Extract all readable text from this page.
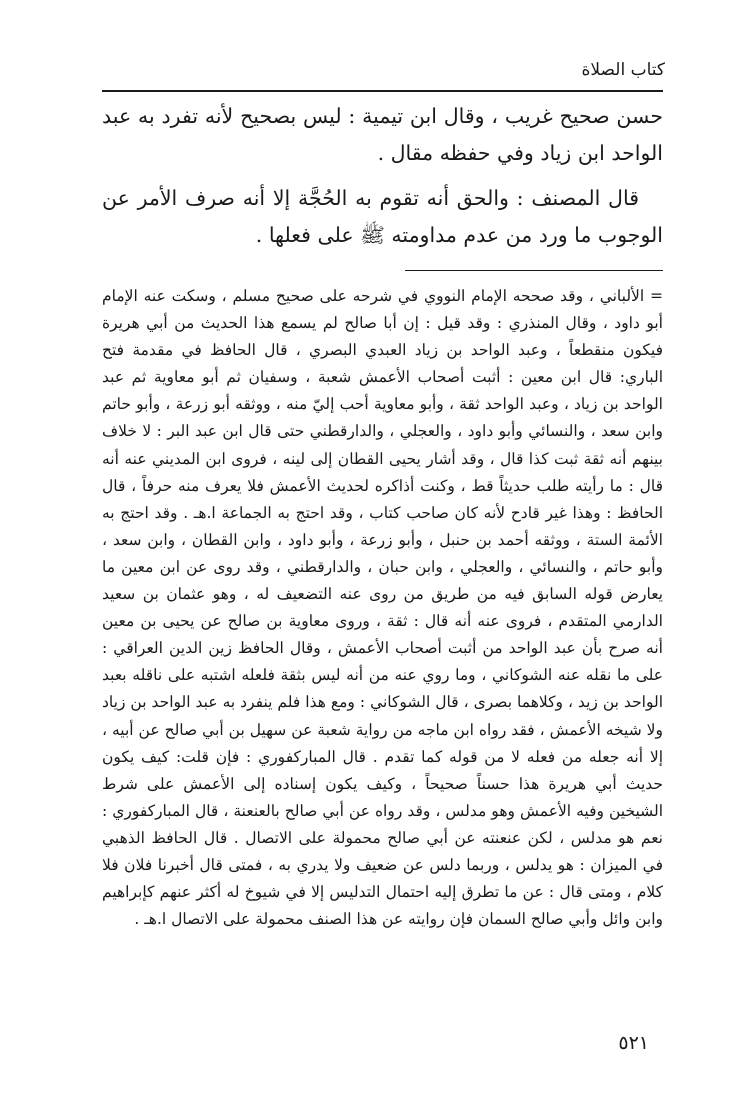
كتاب الصلاة

حسن صحيح غريب ، وقال ابن تيمية : ليس بصحيح لأنه تفرد به عبد الواحد ابن زياد وفي حفظه مقال .

قال المصنف : والحق أنه تقوم به الحُجَّة إلا أنه صرف الأمر عن الوجوب ما ورد من عدم مداومته ﷺ على فعلها .

= الألباني ، وقد صححه الإمام النووي في شرحه على صحيح مسلم ، وسكت عنه الإمام أبو داود ، وقال المنذري : وقد قيل : إن أبا صالح لم يسمع هذا الحديث من أبي هريرة فيكون منقطعاً ، وعبد الواحد بن زياد العبدي البصري ، قال الحافظ في مقدمة فتح الباري: قال ابن معين : أثبت أصحاب الأعمش شعبة ، وسفيان ثم أبو معاوية ثم عبد الواحد بن زياد ، وعبد الواحد ثقة ، وأبو معاوية أحب إليّ منه ، ووثقه أبو زرعة ، وأبو حاتم وابن سعد ، والنسائي وأبو داود ، والعجلي ، والدارقطني حتى قال ابن عبد البر : لا خلاف بينهم أنه ثقة ثبت كذا قال ، وقد أشار يحيى القطان إلى لينه ، فروى ابن المديني عنه أنه قال : ما رأيته طلب حديثاً قط ، وكنت أذاكره لحديث الأعمش فلا يعرف منه حرفاً ، قال الحافظ : وهذا غير قادح لأنه كان صاحب كتاب ، وقد احتج به الجماعة ا.هـ . وقد احتج به الأئمة الستة ، ووثقه أحمد بن حنبل ، وأبو زرعة ، وأبو داود ، وابن القطان ، وابن سعد ، وأبو حاتم ، والنسائي ، والعجلي ، وابن حبان ، والدارقطني ، وقد روى عن ابن معين ما يعارض قوله السابق فيه من طريق من روى عنه التضعيف له ، وهو عثمان بن سعيد الدارمي المتقدم ، فروى عنه أنه قال : ثقة ، وروى معاوية بن صالح عن يحيى بن معين أنه صرح بأن عبد الواحد من أثبت أصحاب الأعمش ، وقال الحافظ زين الدين العراقي : على ما نقله عنه الشوكاني ، وما روي عنه من أنه ليس بثقة فلعله اشتبه على ناقله بعبد الواحد بن زيد ، وكلاهما بصرى ، قال الشوكاني : ومع هذا فلم ينفرد به عبد الواحد بن زياد ولا شيخه الأعمش ، فقد رواه ابن ماجه من رواية شعبة عن سهيل بن أبي صالح عن أبيه ، إلا أنه جعله من فعله لا من قوله كما تقدم . قال المباركفوري : فإن قلت: كيف يكون حديث أبي هريرة هذا حسناً صحيحاً ، وكيف يكون إسناده إلى الأعمش على شرط الشيخين وفيه الأعمش وهو مدلس ، وقد رواه عن أبي صالح بالعنعنة ، قال المباركفوري : نعم هو مدلس ، لكن عنعنته عن أبي صالح محمولة على الاتصال . قال الحافظ الذهبي في الميزان : هو يدلس ، وربما دلس عن ضعيف ولا يدري به ، فمتى قال أخبرنا فلان فلا كلام ، ومتى قال : عن ما تطرق إليه احتمال التدليس إلا في شيوخ له أكثر عنهم كإبراهيم وابن وائل وأبي صالح السمان فإن روايته عن هذا الصنف محمولة على الاتصال ا.هـ .

٥٢١
